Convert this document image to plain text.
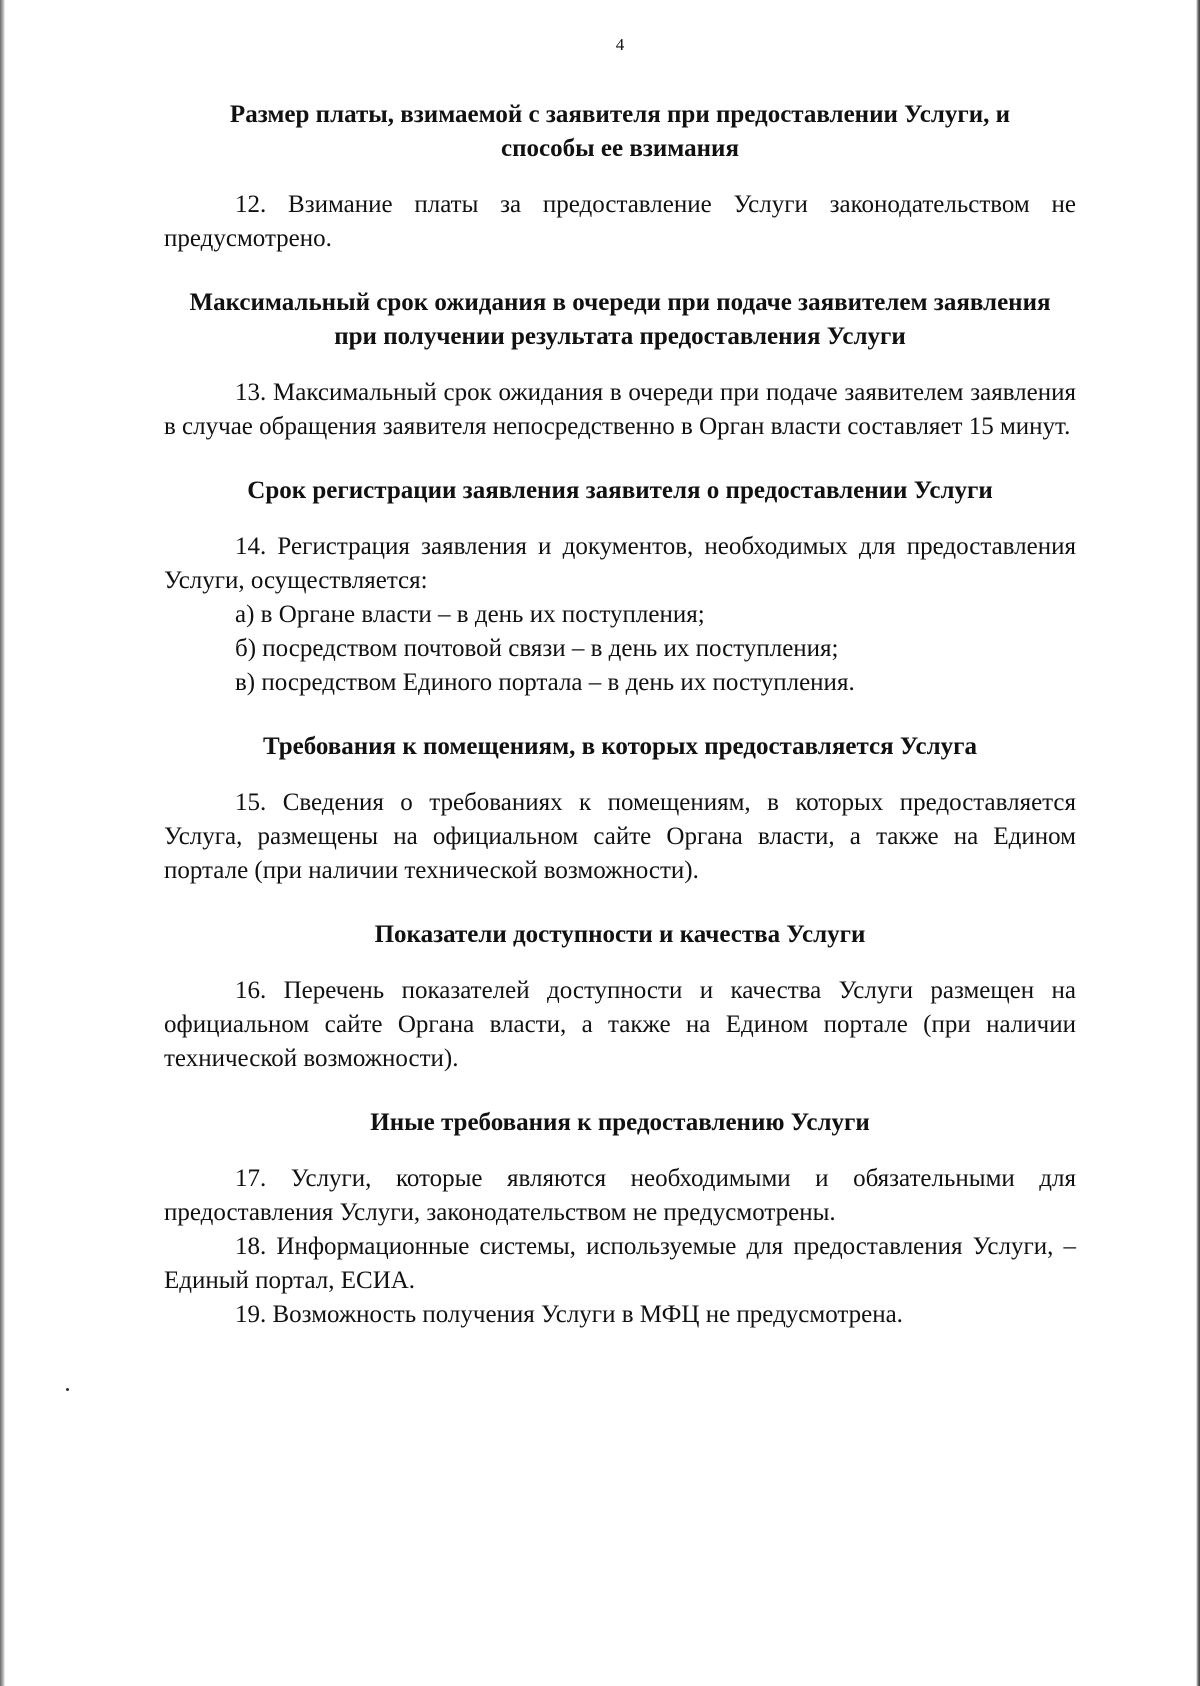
4

Размер платы, взимаемой с заявителя при предоставлении Услуги, и способы ее взимания

12. Взимание платы за предоставление Услуги законодательством не предусмотрено.

Максимальный срок ожидания в очереди при подаче заявителем заявления при получении результата предоставления Услуги

13. Максимальный срок ожидания в очереди при подаче заявителем заявления в случае обращения заявителя непосредственно в Орган власти составляет 15 минут.

Срок регистрации заявления заявителя о предоставлении Услуги

14. Регистрация заявления и документов, необходимых для предоставления Услуги, осуществляется:

а) в Органе власти – в день их поступления;

б) посредством почтовой связи – в день их поступления;

в) посредством Единого портала – в день их поступления.

Требования к помещениям, в которых предоставляется Услуга

15. Сведения о требованиях к помещениям, в которых предоставляется Услуга, размещены на официальном сайте Органа власти, а также на Едином портале (при наличии технической возможности).

Показатели доступности и качества Услуги

16. Перечень показателей доступности и качества Услуги размещен на официальном сайте Органа власти, а также на Едином портале (при наличии технической возможности).

Иные требования к предоставлению Услуги

17. Услуги, которые являются необходимыми и обязательными для предоставления Услуги, законодательством не предусмотрены.

18. Информационные системы, используемые для предоставления Услуги, – Единый портал, ЕСИА.

19. Возможность получения Услуги в МФЦ не предусмотрена.
